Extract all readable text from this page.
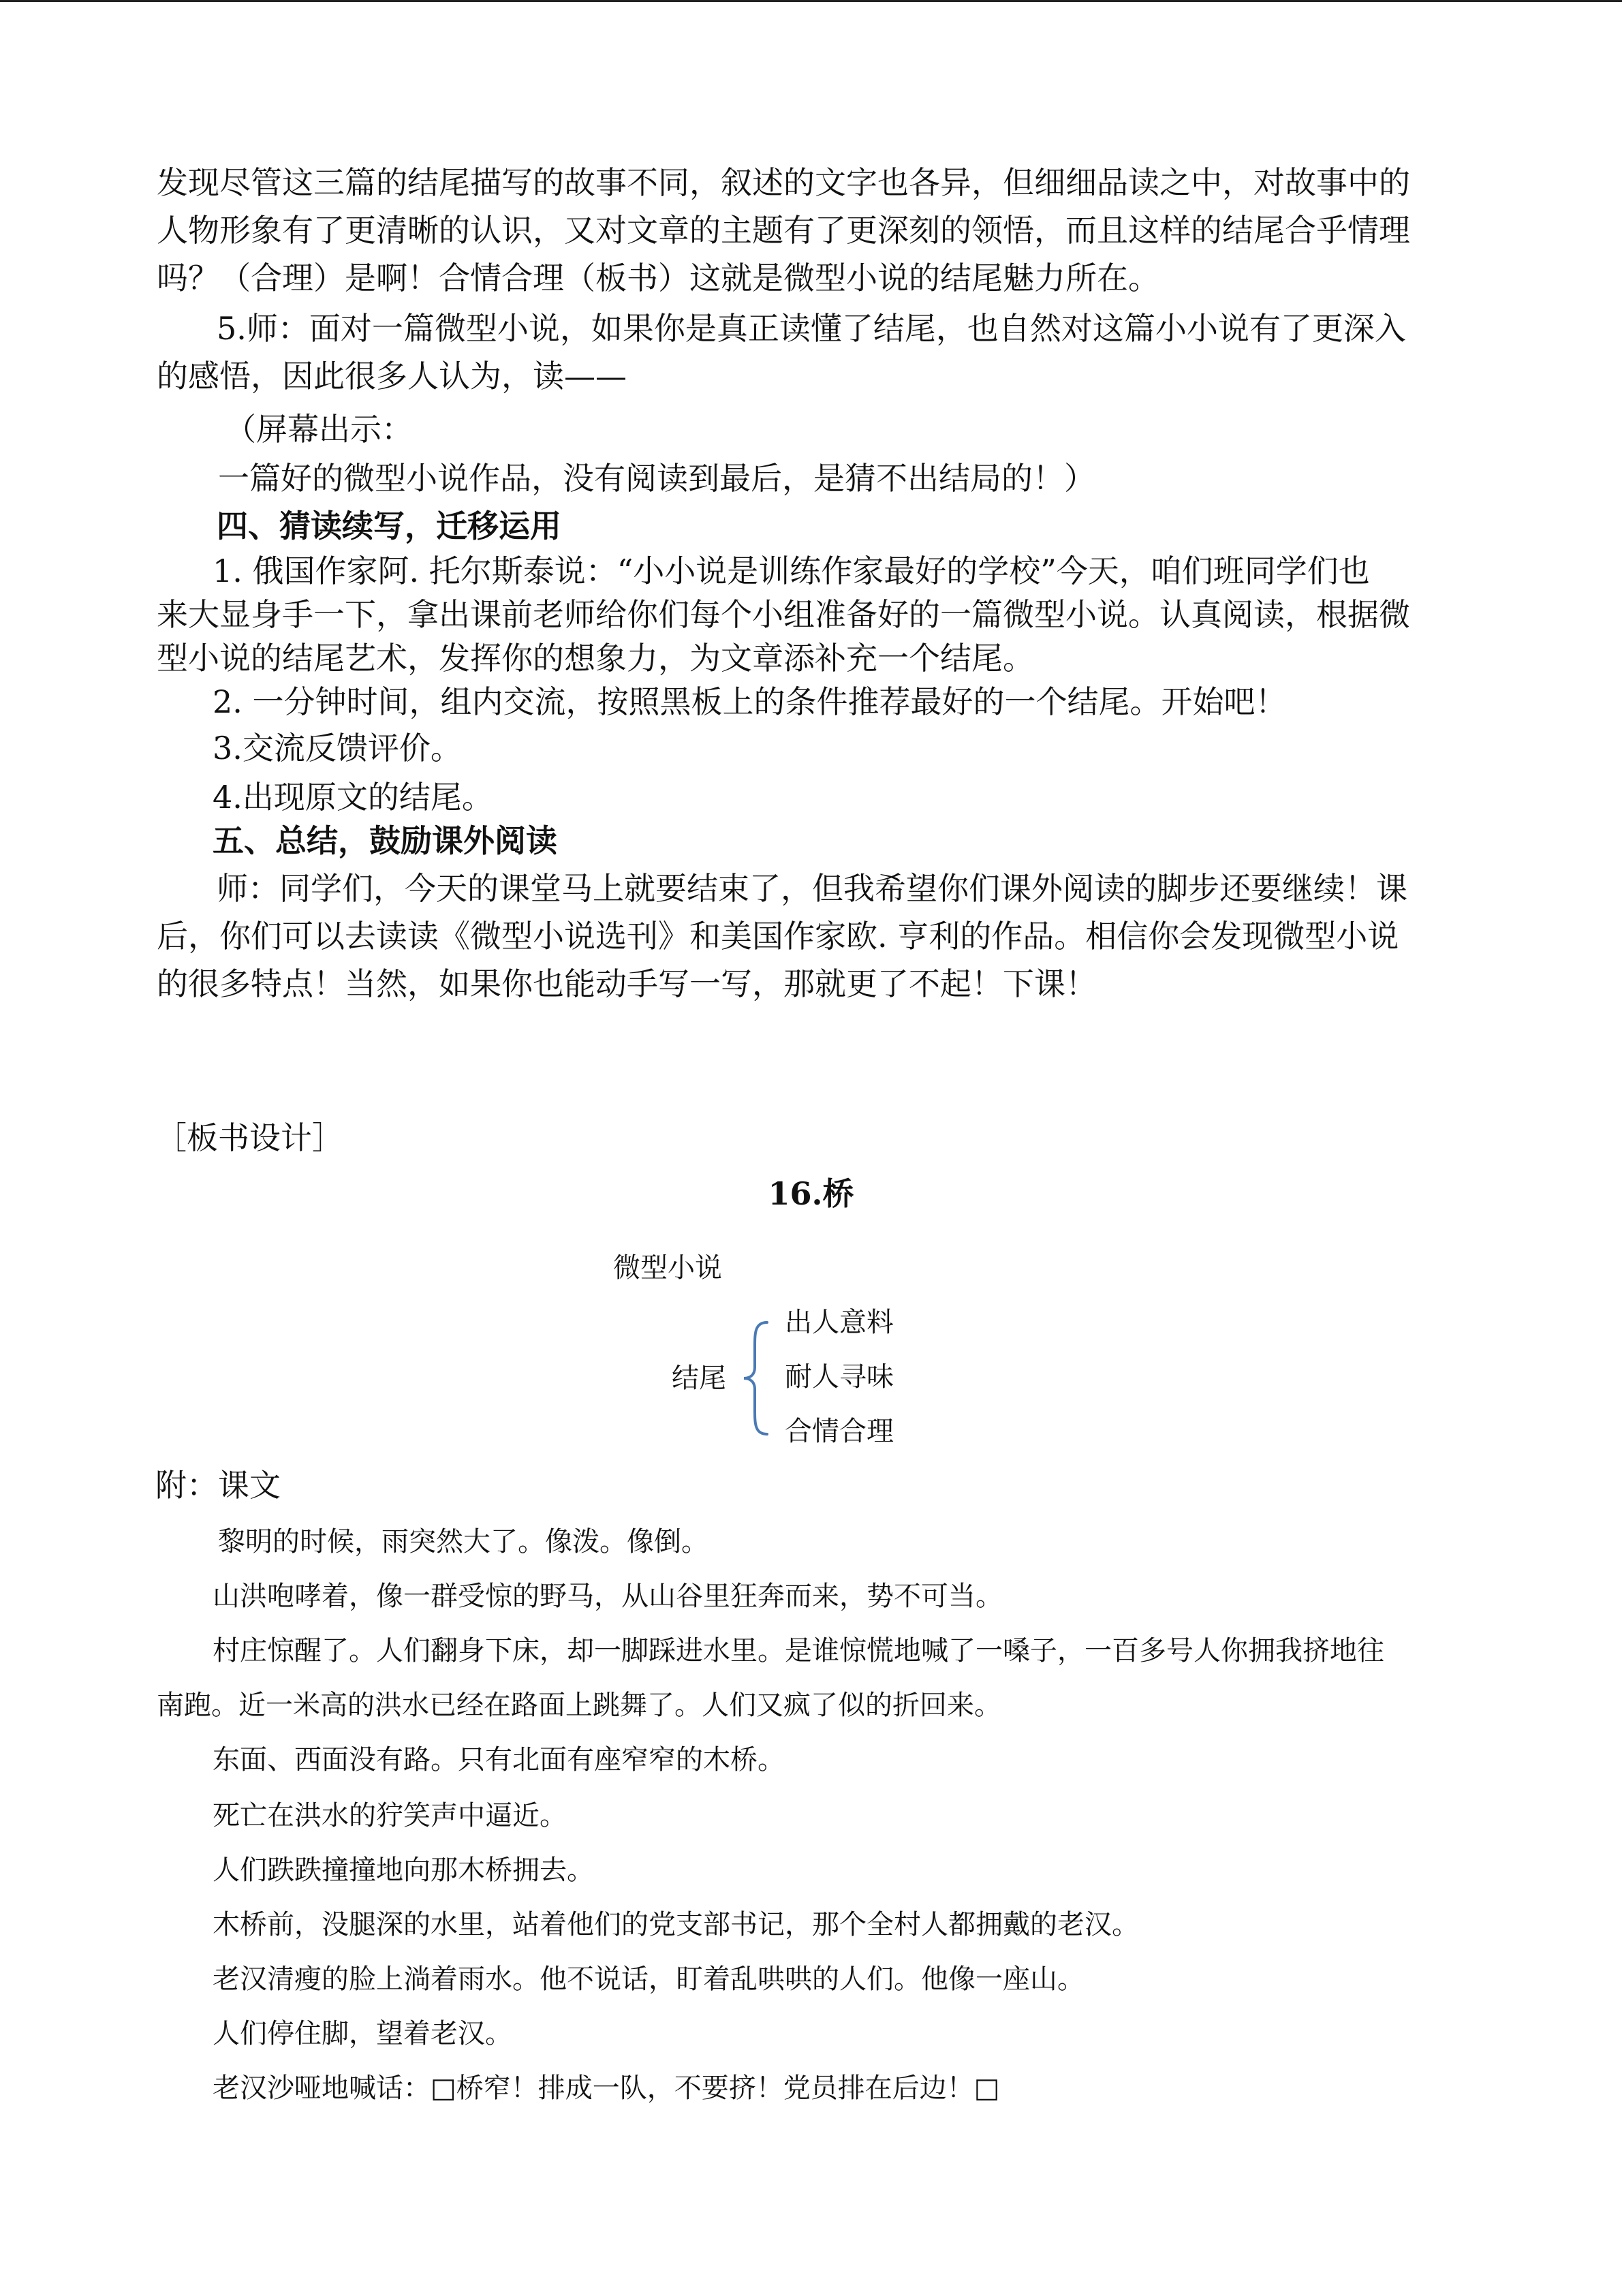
发现尽管这三篇的结尾描写的故事不同，叙述的文字也各异，但细细品读之中，对故事中的
人物形象有了更清晰的认识，又对文章的主题有了更深刻的领悟，而且这样的结尾合乎情理
吗？（合理）是啊！合情合理（板书）这就是微型小说的结尾魅力所在。
5.师：面对一篇微型小说，如果你是真正读懂了结尾，也自然对这篇小小说有了更深入
的感悟，因此很多人认为，读——
（屏幕出示：
一篇好的微型小说作品，没有阅读到最后，是猜不出结局的！）
四、猜读续写，迁移运用
1. 俄国作家阿. 托尔斯泰说：“小小说是训练作家最好的学校”今天，咱们班同学们也
来大显身手一下，拿出课前老师给你们每个小组准备好的一篇微型小说。认真阅读，根据微
型小说的结尾艺术，发挥你的想象力，为文章添补充一个结尾。
2. 一分钟时间，组内交流，按照黑板上的条件推荐最好的一个结尾。开始吧！
3.交流反馈评价。
4.出现原文的结尾。
五、总结，鼓励课外阅读
师：同学们，今天的课堂马上就要结束了，但我希望你们课外阅读的脚步还要继续！课
后，你们可以去读读《微型小说选刊》和美国作家欧. 亨利的作品。相信你会发现微型小说
的很多特点！当然，如果你也能动手写一写，那就更了不起！下课！
［板书设计］
16.桥
微型小说
结尾
出人意料
耐人寻味
合情合理
附：课文
黎明的时候，雨突然大了。像泼。像倒。
山洪咆哮着，像一群受惊的野马，从山谷里狂奔而来，势不可当。
村庄惊醒了。人们翻身下床，却一脚踩进水里。是谁惊慌地喊了一嗓子，一百多号人你拥我挤地往
南跑。近一米高的洪水已经在路面上跳舞了。人们又疯了似的折回来。
东面、西面没有路。只有北面有座窄窄的木桥。
死亡在洪水的狞笑声中逼近。
人们跌跌撞撞地向那木桥拥去。
木桥前，没腿深的水里，站着他们的党支部书记，那个全村人都拥戴的老汉。
老汉清瘦的脸上淌着雨水。他不说话，盯着乱哄哄的人们。他像一座山。
人们停住脚，望着老汉。
老汉沙哑地喊话：□桥窄！排成一队，不要挤！党员排在后边！□
